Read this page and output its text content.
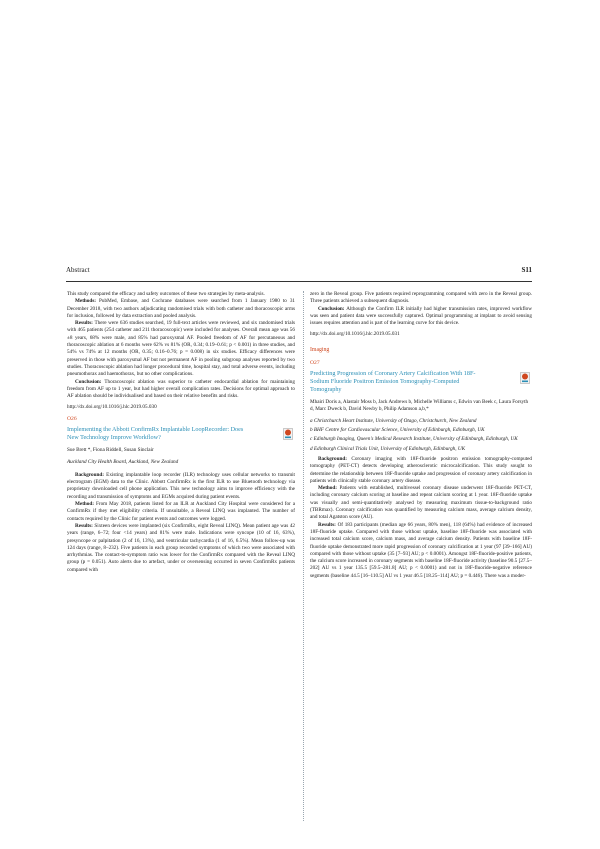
Abstract	S11

This study compared the efficacy and safety outcomes of these two strategies by meta-analysis.

Methods: PubMed, Embase, and Cochrane databases were searched from 1 January 1980 to 31 December 2018, with two authors adjudicating randomised trials with both catheter and thoracoscopic arms for inclusion, followed by data extraction and pooled analysis.

Results: There were 636 studies searched, 19 full-text articles were reviewed, and six randomised trials with 465 patients (254 catheter and 211 thoracoscopic) were included for analyses. Overall mean age was 56 ±8 years, 68% were male, and 85% had paroxysmal AF. Pooled freedom of AF for percutaneous and thoracoscopic ablation at 6 months were 62% vs 81% (OR, 0.34; 0.19–0.61; p < 0.001) in three studies, and 54% vs 74% at 12 months (OR, 0.35; 0.16–0.76; p = 0.008) in six studies. Efficacy differences were preserved in those with paroxysmal AF but not permanent AF in pooling subgroup analyses reported by two studies. Thoracoscopic ablation had longer procedural time, hospital stay, and total adverse events, including pneumothorax and haemothorax, but no other complications.

Conclusion: Thoracoscopic ablation was superior to catheter endocardial ablation for maintaining freedom from AF up to 1 year, but had higher overall complication rates. Decisions for optimal approach to AF ablation should be individualised and based on their relative benefits and risks.

http://dx.doi.org/10.1016/j.hlc.2019.05.030

O26

Implementing the Abbott ConfirmRx Implantable LoopRecorder: Does New Technology Improve Workflow?

Sue Brett *, Fiona Riddell, Susan Sinclair

Auckland City Health Board, Auckland, New Zealand

Background: Existing implantable loop recorder (ILR) technology uses cellular networks to transmit electrogram (EGM) data to the Clinic. Abbott ConfirmRx is the first ILR to use Bluetooth technology via proprietary downloaded cell phone application. This new technology aims to improve efficiency with the recording and transmission of symptoms and EGMs acquired during patient events.

Method: From May 2018, patients listed for an ILR at Auckland City Hospital were considered for a ConfirmRx if they met eligibility criteria. If unsuitable, a Reveal LINQ was implanted. The number of contacts required by the Clinic for patient events and outcomes were logged.

Results: Sixteen devices were implanted (six ConfirmRx, eight Reveal LINQ). Mean patient age was 42 years (range, 6–72; four <14 years) and 81% were male. Indications were syncope (10 of 16, 63%), presyncope or palpitation (2 of 16, 13%), and ventricular tachycardia (1 of 16, 6.5%). Mean follow-up was 124 days (range, 8–232). Five patients in each group recorded symptoms of which two were associated with arrhythmias. The contact-to-symptom ratio was lower for the ConfirmRx compared with the Reveal LINQ group (p = 0.051). Auto alerts due to artefact, under or oversensing occurred in seven ConfirmRx patients compared with

zero in the Reveal group. Five patients required reprogramming compared with zero in the Reveal group. Three patients achieved a subsequent diagnosis.

Conclusion: Although the Confirm ILR initially had higher transmission rates, improved workflow was seen and patient data were successfully captured. Optimal programming at implant to avoid sensing issues requires attention and is part of the learning curve for this device.

http://dx.doi.org/10.1016/j.hlc.2019.05.031

Imaging

O27

Predicting Progression of Coronary Artery Calcification With 18F-Sodium Fluoride Positron Emission Tomography-Computed Tomography

Mhairi Doris a, Alastair Moss b, Jack Andrews b, Michelle Williams c, Edwin van Beek c, Laura Forsyth d, Marc Dweck b, David Newby b, Philip Adamson a,b,*

a Christchurch Heart Institute, University of Otago, Christchurch, New Zealand

b BHF Centre for Cardiovascular Science, University of Edinburgh, Edinburgh, UK

c Edinburgh Imaging, Queen's Medical Research Institute, University of Edinburgh, Edinburgh, UK

d Edinburgh Clinical Trials Unit, University of Edinburgh, Edinburgh, UK

Background: Coronary imaging with 18F-fluoride positron emission tomography-computed tomography (PET-CT) detects developing atherosclerotic microcalcification. This study sought to determine the relationship between 18F-fluoride uptake and progression of coronary artery calcification in patients with clinically stable coronary artery disease.

Method: Patients with established, multivessel coronary disease underwent 18F-fluoride PET-CT, including coronary calcium scoring at baseline and repeat calcium scoring at 1 year. 18F-fluoride uptake was visually and semi-quantitatively analysed by measuring maximum tissue-to-background ratio (TBRmax). Coronary calcification was quantified by measuring calcium mass, average calcium density, and total Agatston score (AU).

Results: Of 183 participants (median age 66 years, 80% men), 118 (64%) had evidence of increased 18F-fluoride uptake. Compared with those without uptake, baseline 18F-fluoride was associated with increased total calcium score, calcium mass, and average calcium density. Patients with baseline 18F-fluoride uptake demonstrated more rapid progression of coronary calcification at 1 year (97 [39–166] AU) compared with those without uptake (35 [7–93] AU; p < 0.0001). Amongst 18F-fluoride-positive patients, the calcium score increased in coronary segments with baseline 18F-fluoride activity (baseline 90.5 [27.5–202] AU vs 1 year 135.5 [59.5–281.8] AU; p < 0.0001) and not in 18F-fluoride-negative reference segments (baseline 44.5 [16–110.5] AU vs 1 year 46.5 [18.25–114] AU; p = 0.446). There was a moder-
